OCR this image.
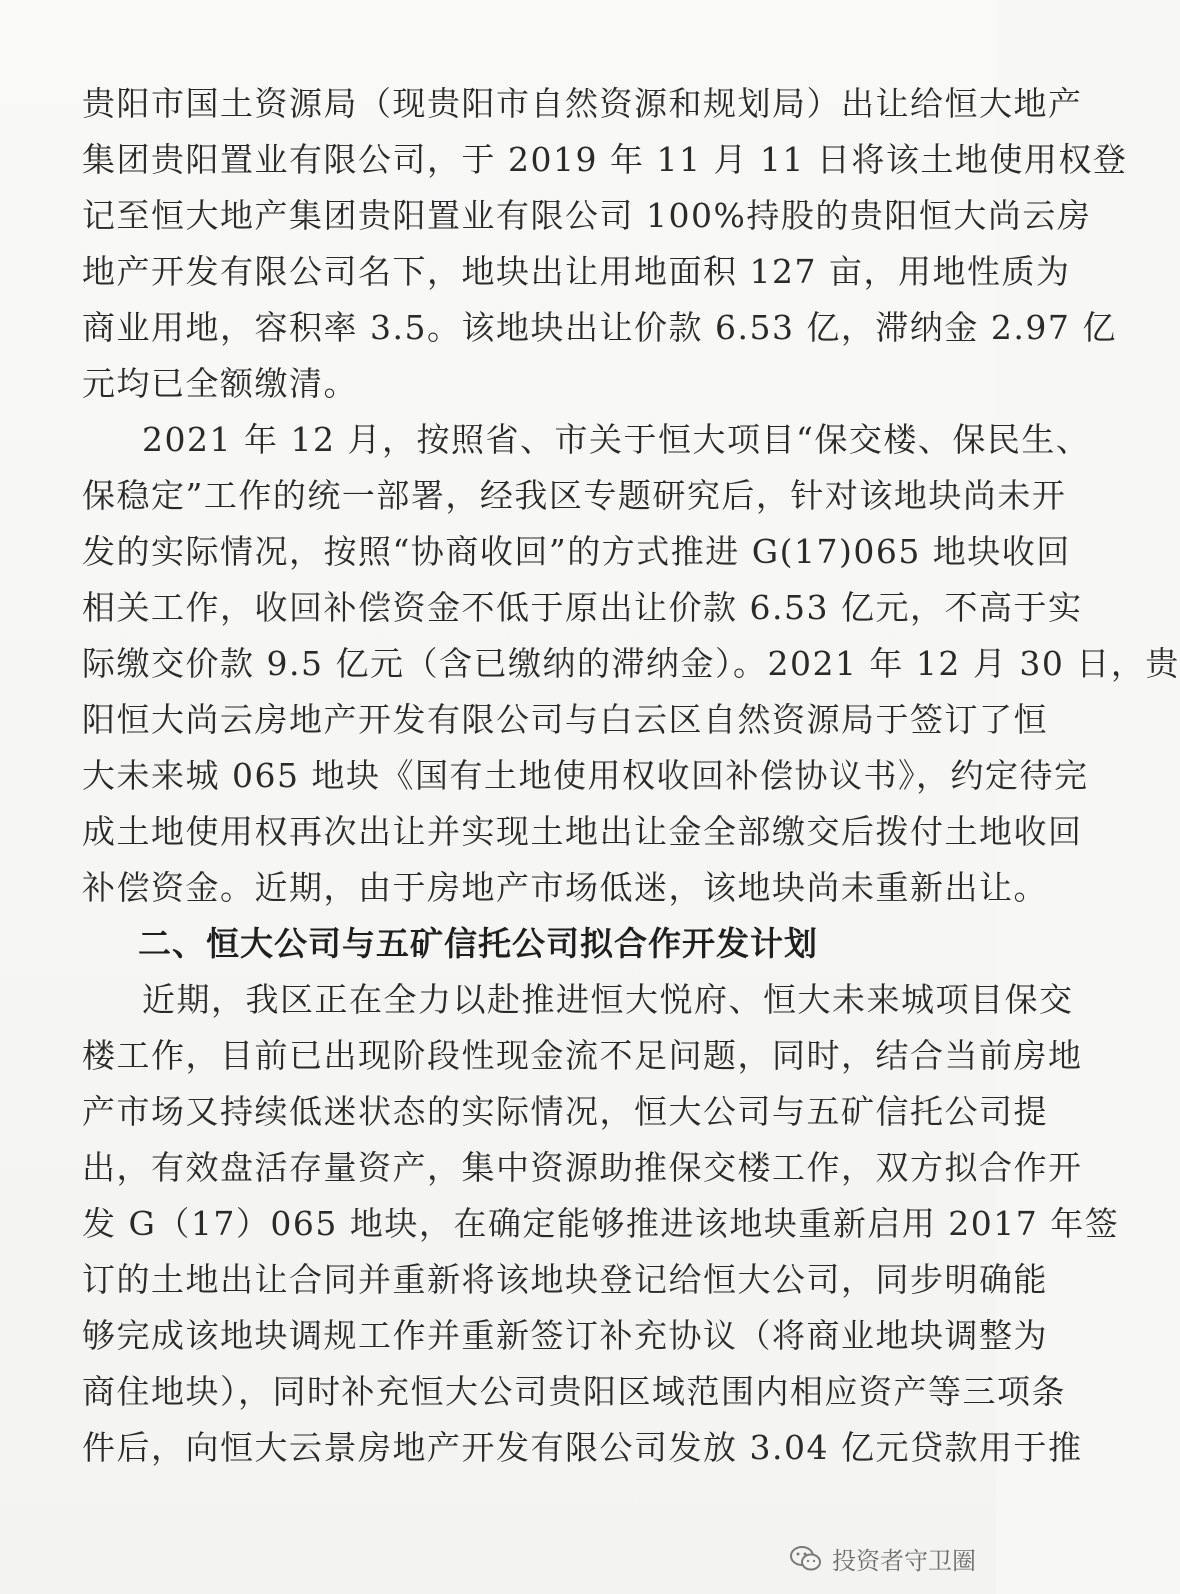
贵阳市国土资源局（现贵阳市自然资源和规划局）出让给恒大地产
集团贵阳置业有限公司，于 2019 年 11 月 11 日将该土地使用权登
记至恒大地产集团贵阳置业有限公司 100%持股的贵阳恒大尚云房
地产开发有限公司名下，地块出让用地面积 127 亩，用地性质为
商业用地，容积率 3.5。该地块出让价款 6.53 亿，滞纳金 2.97 亿
元均已全额缴清。
2021 年 12 月，按照省、市关于恒大项目“保交楼、保民生、
保稳定”工作的统一部署，经我区专题研究后，针对该地块尚未开
发的实际情况，按照“协商收回”的方式推进 G(17)065 地块收回
相关工作，收回补偿资金不低于原出让价款 6.53 亿元，不高于实
际缴交价款 9.5 亿元（含已缴纳的滞纳金）。2021 年 12 月 30 日，贵
阳恒大尚云房地产开发有限公司与白云区自然资源局于签订了恒
大未来城 065 地块《国有土地使用权收回补偿协议书》，约定待完
成土地使用权再次出让并实现土地出让金全部缴交后拨付土地收回
补偿资金。近期，由于房地产市场低迷，该地块尚未重新出让。
二、恒大公司与五矿信托公司拟合作开发计划
近期，我区正在全力以赴推进恒大悦府、恒大未来城项目保交
楼工作，目前已出现阶段性现金流不足问题，同时，结合当前房地
产市场又持续低迷状态的实际情况，恒大公司与五矿信托公司提
出，有效盘活存量资产，集中资源助推保交楼工作，双方拟合作开
发 G（17）065 地块，在确定能够推进该地块重新启用 2017 年签
订的土地出让合同并重新将该地块登记给恒大公司，同步明确能
够完成该地块调规工作并重新签订补充协议（将商业地块调整为
商住地块），同时补充恒大公司贵阳区域范围内相应资产等三项条
件后，向恒大云景房地产开发有限公司发放 3.04 亿元贷款用于推
投资者守卫圈
